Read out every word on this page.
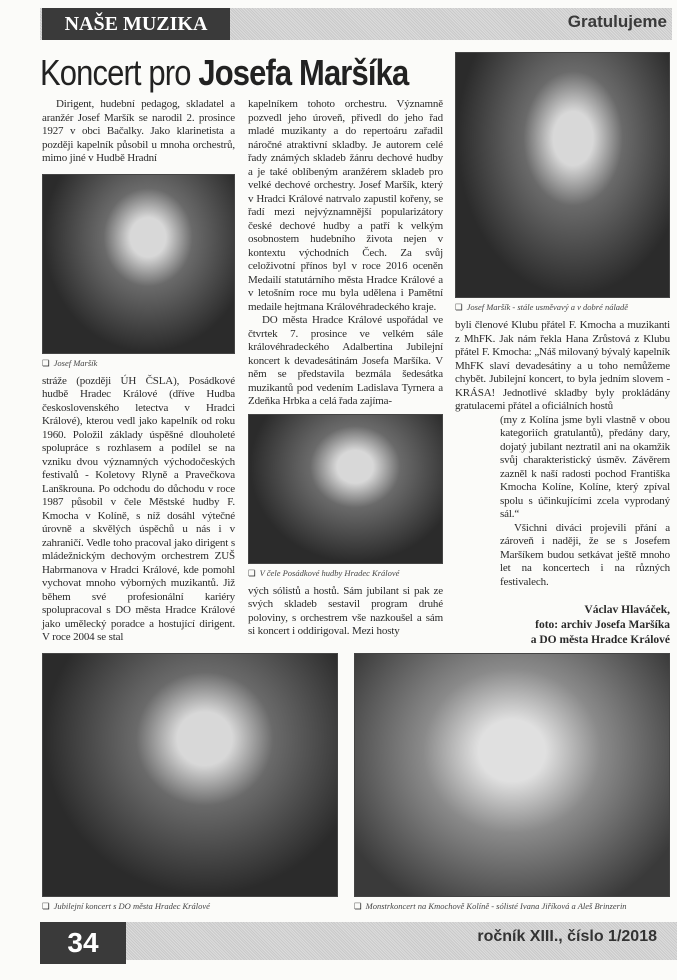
NAŠE MUZIKA	Gratulujeme
Koncert pro Josefa Maršíka

Dirigent, hudební pedagog, skladatel a aranžér Josef Maršík se narodil 2. prosince 1927 v obci Bačalky. Jako klarinetista a později kapelník působil u mnoha orchestrů, mimo jiné v Hudbě Hradní

❏ Josef Maršík

stráže (později ÚH ČSLA), Posádkové hudbě Hradec Králové (dříve Hudba československého letectva v Hradci Králové), kterou vedl jako kapelník od roku 1960. Položil základy úspěšné dlouholeté spolupráce s rozhlasem a podílel se na vzniku dvou významných východočeských festivalů - Koletovy Rlyně a Pravečkova Lanškrouna. Po odchodu do důchodu v roce 1987 působil v čele Městské hudby F. Kmocha v Kolíně, s níž dosáhl výtečné úrovně a skvělých úspěchů u nás i v zahraničí. Vedle toho pracoval jako dirigent s mládežnickým dechovým orchestrem ZUŠ Habrmanova v Hradci Králové, kde pomohl vychovat mnoho výborných muzikantů. Již během své profesionální kariéry spolupracoval s DO města Hradce Králové jako umělecký poradce a hostující dirigent. V roce 2004 se stal

kapelníkem tohoto orchestru. Významně pozvedl jeho úroveň, přivedl do jeho řad mladé muzikanty a do repertoáru zařadil náročné atraktivní skladby. Je autorem celé řady známých skladeb žánru dechové hudby a je také oblíbeným aranžérem skladeb pro velké dechové orchestry. Josef Maršík, který v Hradci Králové natrvalo zapustil kořeny, se řadí mezi nejvýznamnější popularizátory české dechové hudby a patří k velkým osobnostem hudebního života nejen v kontextu východních Čech. Za svůj celoživotní přínos byl v roce 2016 oceněn Medailí statutárního města Hradce Králové a v letošním roce mu byla udělena i Pamětní medaile hejtmana Královéhradeckého kraje.

DO města Hradce Králové uspořádal ve čtvrtek 7. prosince ve velkém sále královéhradeckého Adalbertina Jubilejní koncert k devadesátinám Josefa Maršíka. V něm se představila bezmála šedesátka muzikantů pod vedením Ladislava Tyrnera a Zdeňka Hrbka a celá řada zajíma-

❏ V čele Posádkové hudby Hradec Králové

vých sólistů a hostů. Sám jubilant si pak ze svých skladeb sestavil program druhé poloviny, s orchestrem vše nazkoušel a sám si koncert i oddirigoval. Mezi hosty

❏ Jubilejní koncert s DO města Hradec Králové	❏ Monstrkoncert na Kmochově Kolíně - sólisté Ivana Jiříková a Aleš Brinzerin
❏ Josef Maršík - stále usměvavý a v dobré náladě

byli členové Klubu přátel F. Kmocha a muzikanti z MhFK. Jak nám řekla Hana Zrůstová z Klubu přátel F. Kmocha: „Náš milovaný bývalý kapelník MhFK slaví devadesátiny a u toho nemůžeme chybět. Jubilejní koncert, to byla jedním slovem - KRÁSA! Jednotlivé skladby byly prokládány gratulacemi přátel a oficiálních hostů

(my z Kolína jsme byli vlastně v obou kategoriích gratulantů), předány dary, dojatý jubilant neztratil ani na okamžik svůj charakteristický úsměv. Závěrem zazněl k naší radosti pochod Františka Kmocha Kolíne, Kolíne, který zpíval spolu s účinkujícími zcela vyprodaný sál.“

Všichni diváci projevili přání a zároveň i naději, že se s Josefem Maršíkem budou setkávat ještě mnoho let na koncertech i na různých festivalech.

Václav Hlaváček,
foto: archiv Josefa Maršíka
a DO města Hradce Králové
34	ročník XIII., číslo 1/2018
